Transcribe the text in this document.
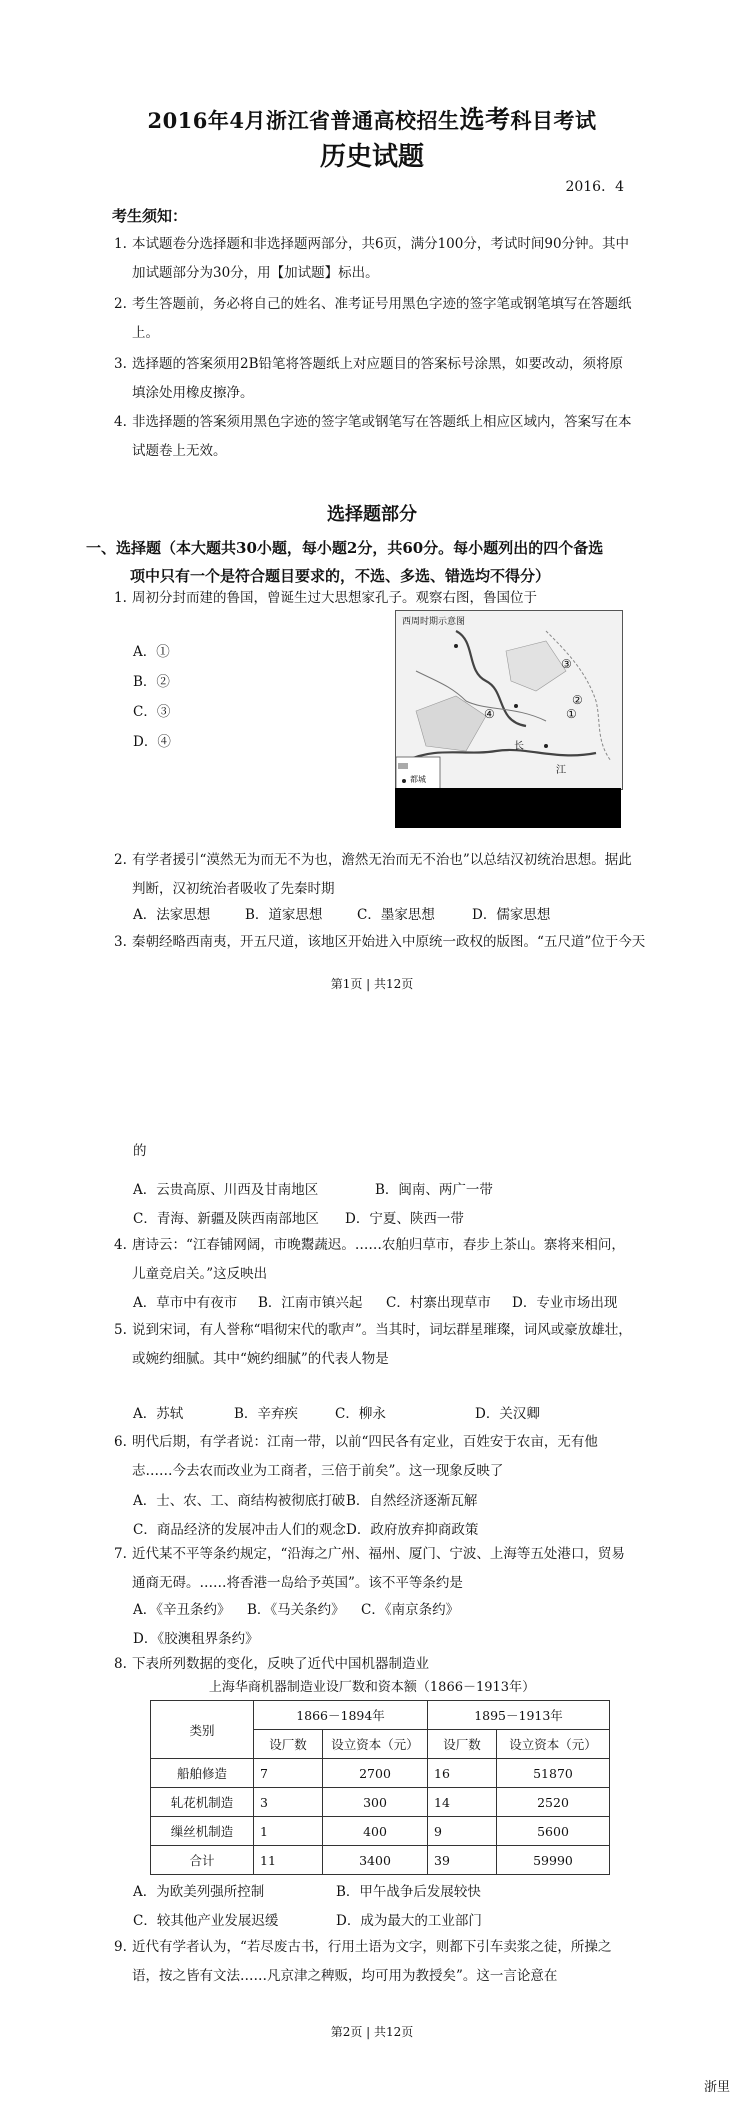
2016年4月浙江省普通高校招生选考科目考试
历史试题
2016．4
考生须知：
1. 本试题卷分选择题和非选择题两部分，共6页，满分100分，考试时间90分钟。其中加试题部分为30分，用【加试题】标出。
2. 考生答题前，务必将自己的姓名、准考证号用黑色字迹的签字笔或钢笔填写在答题纸上。
3. 选择题的答案须用2B铅笔将答题纸上对应题目的答案标号涂黑，如要改动，须将原填涂处用橡皮擦净。
4. 非选择题的答案须用黑色字迹的签字笔或钢笔写在答题纸上相应区域内，答案写在本试题卷上无效。
选择题部分
一、选择题（本大题共30小题，每小题2分，共60分。每小题列出的四个备选
项中只有一个是符合题目要求的，不选、多选、错选均不得分）
1. 周初分封而建的鲁国，曾诞生过大思想家孔子。观察右图，鲁国位于
A．①
B．②
C．③
D．④
西周时期示意图
③
②
①
④
长
江
都城
2. 有学者援引“漠然无为而无不为也，澹然无治而无不治也”以总结汉初统治思想。据此判断，汉初统治者吸收了先秦时期
A．法家思想	B．道家思想	C．墨家思想	D．儒家思想
3. 秦朝经略西南夷，开五尺道，该地区开始进入中原统一政权的版图。“五尺道”位于今天
第1页 | 共12页
的
A．云贵高原、川西及甘南地区	B．闽南、两广一带
C．青海、新疆及陕西南部地区 D．宁夏、陕西一带
4. 唐诗云：“江春铺网阔，市晚鬻蔬迟。……农舶归草市，春步上茶山。寨将来相问，儿童竞启关。”这反映出
A．草市中有夜市 B．江南市镇兴起 C．村寨出现草市 D．专业市场出现
5. 说到宋词，有人誉称“唱彻宋代的歌声”。当其时，词坛群星璀璨，词风或豪放雄壮，或婉约细腻。其中“婉约细腻”的代表人物是
A．苏轼	B．辛弃疾	C．柳永	D．关汉卿
6. 明代后期，有学者说：江南一带，以前“四民各有定业，百姓安于农亩，无有他志……今去农而改业为工商者，三倍于前矣”。这一现象反映了
A．士、农、工、商结构被彻底打破 B．自然经济逐渐瓦解
C．商品经济的发展冲击人们的观念 D．政府放弃抑商政策
7. 近代某不平等条约规定，“沿海之广州、福州、厦门、宁波、上海等五处港口，贸易通商无碍。……将香港一岛给予英国”。该不平等条约是
A．《辛丑条约》 B．《马关条约》 C．《南京条约》
D．《胶澳租界条约》
8. 下表所列数据的变化，反映了近代中国机器制造业
上海华商机器制造业设厂数和资本额（1866－1913年）
类别	1866－1894年		1895－1913年	
	设厂数	设立资本（元）	设厂数	设立资本（元）
船舶修造	7	2700	16	51870
轧花机制造	3	300	14	2520
缫丝机制造	1	400	9	5600
合计	11	3400	39	59990
A．为欧美列强所控制	B．甲午战争后发展较快
C．较其他产业发展迟缓	D．成为最大的工业部门
9. 近代有学者认为，“若尽废古书，行用土语为文字，则都下引车卖浆之徒，所操之语，按之皆有文法……凡京津之稗贩，均可用为教授矣”。这一言论意在
第2页 | 共12页
浙里
